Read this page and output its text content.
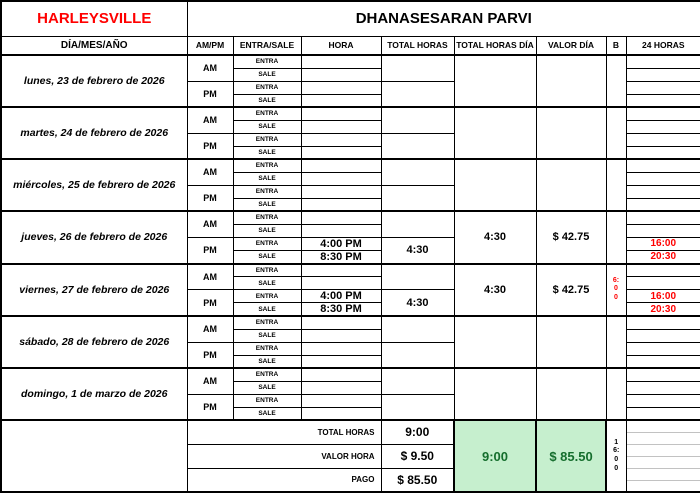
HARLEYSVILLE	DHANASESARAN PARVI							
DÍA/MES/AÑO	AM/PM	ENTRA/SALE	HORA	TOTAL HORAS	TOTAL HORAS DÍA	VALOR DÍA	B	24 HORAS
lunes, 23 de febrero de 2026	AM	ENTRA						
		SALE						
	PM	ENTRA						
		SALE						
martes, 24 de febrero de 2026	AM	ENTRA						
		SALE						
	PM	ENTRA						
		SALE						
miércoles, 25 de febrero de 2026	AM	ENTRA						
		SALE						
	PM	ENTRA						
		SALE						
jueves, 26 de febrero de 2026	AM	ENTRA			4:30	$ 42.75		
		SALE						
	PM	ENTRA	4:00 PM	4:30				16:00
		SALE	8:30 PM					20:30
viernes, 27 de febrero de 2026	AM	ENTRA			4:30	$ 42.75	6:00	
		SALE						
	PM	ENTRA	4:00 PM	4:30				16:00
		SALE	8:30 PM					20:30
sábado, 28 de febrero de 2026	AM	ENTRA						
		SALE						
	PM	ENTRA						
		SALE						
domingo, 1 de marzo de 2026	AM	ENTRA						
		SALE						
	PM	ENTRA						
		SALE						
	TOTAL HORAS			9:00	9:00	$ 85.50	16:00	
	VALOR HORA			$ 9.50				
	PAGO			$ 85.50				
